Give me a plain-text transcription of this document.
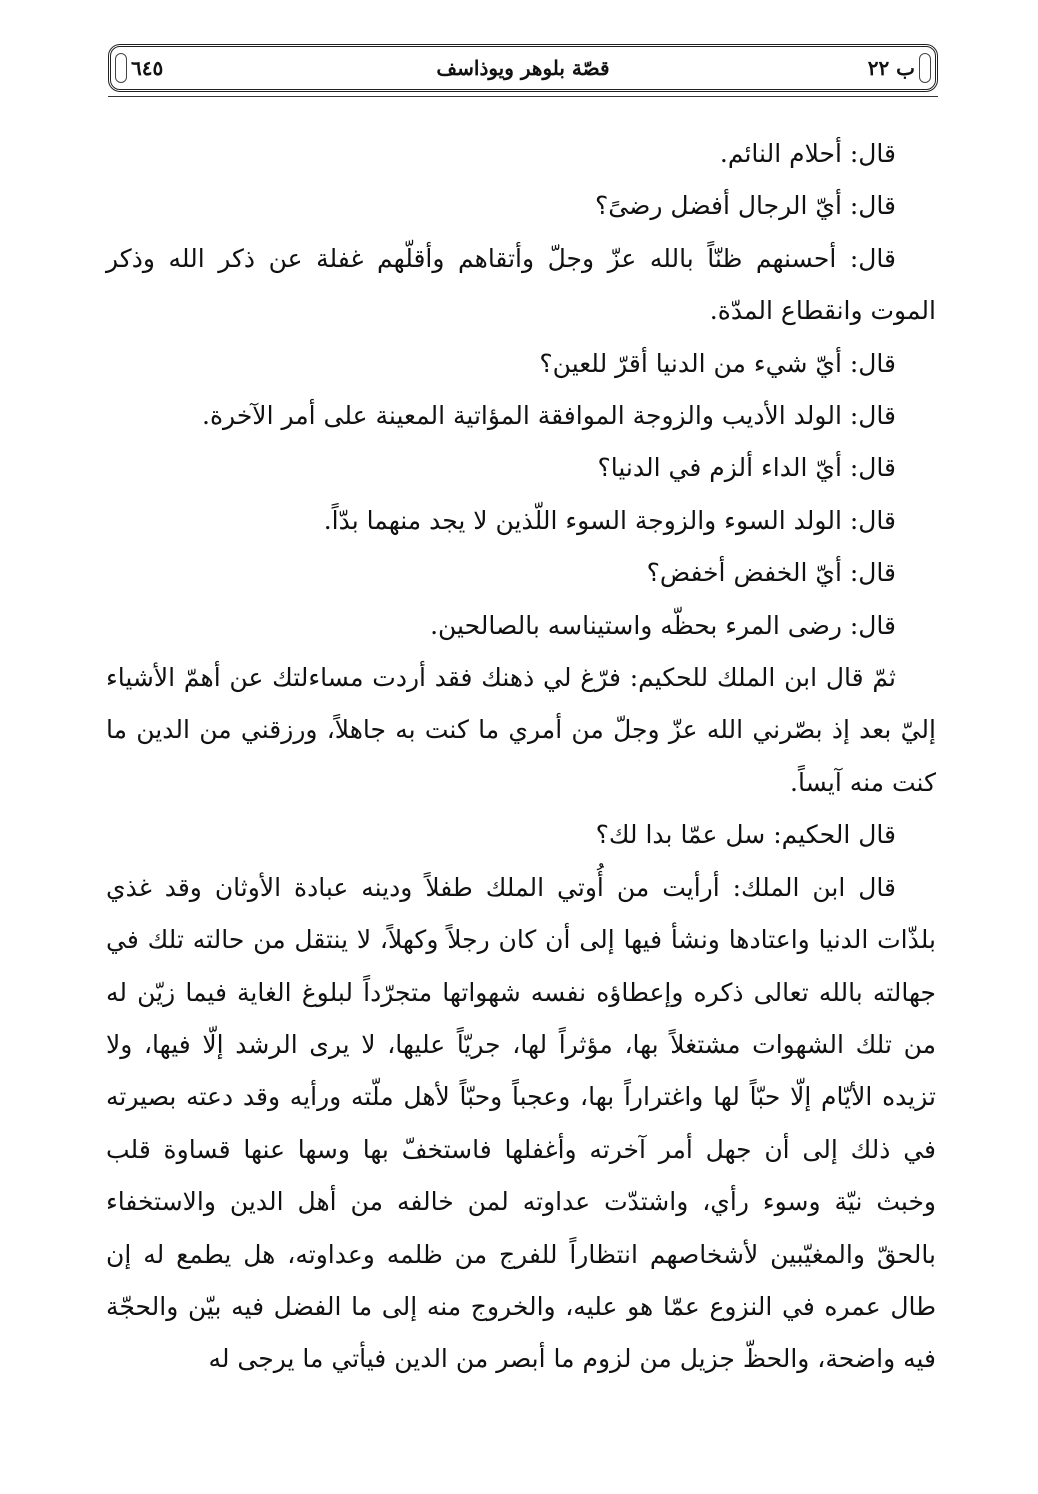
ب ٢٢
قصّة بلوهر ويوذاسف
٦٤٥

قال: أحلام النائم.

قال: أيّ الرجال أفضل رضىً؟

قال: أحسنهم ظنّاً بالله عزّ وجلّ وأتقاهم وأقلّهم غفلة عن ذكر الله وذكر الموت وانقطاع المدّة.

قال: أيّ شيء من الدنيا أقرّ للعين؟

قال: الولد الأديب والزوجة الموافقة المؤاتية المعينة على أمر الآخرة.

قال: أيّ الداء ألزم في الدنيا؟

قال: الولد السوء والزوجة السوء اللّذين لا يجد منهما بدّاً.

قال: أيّ الخفض أخفض؟

قال: رضى المرء بحظّه واستيناسه بالصالحين.

ثمّ قال ابن الملك للحكيم: فرّغ لي ذهنك فقد أردت مساءلتك عن أهمّ الأشياء إليّ بعد إذ بصّرني الله عزّ وجلّ من أمري ما كنت به جاهلاً، ورزقني من الدين ما كنت منه آيساً.

قال الحكيم: سل عمّا بدا لك؟

قال ابن الملك: أرأيت من أُوتي الملك طفلاً ودينه عبادة الأوثان وقد غذي بلذّات الدنيا واعتادها ونشأ فيها إلى أن كان رجلاً وكهلاً، لا ينتقل من حالته تلك في جهالته بالله تعالى ذكره وإعطاؤه نفسه شهواتها متجرّداً لبلوغ الغاية فيما زيّن له من تلك الشهوات مشتغلاً بها، مؤثراً لها، جريّاً عليها، لا يرى الرشد إلّا فيها، ولا تزيده الأيّام إلّا حبّاً لها واغتراراً بها، وعجباً وحبّاً لأهل ملّته ورأيه وقد دعته بصيرته في ذلك إلى أن جهل أمر آخرته وأغفلها فاستخفّ بها وسها عنها قساوة قلب وخبث نيّة وسوء رأي، واشتدّت عداوته لمن خالفه من أهل الدين والاستخفاء بالحقّ والمغيّبين لأشخاصهم انتظاراً للفرج من ظلمه وعداوته، هل يطمع له إن طال عمره في النزوع عمّا هو عليه، والخروج منه إلى ما الفضل فيه بيّن والحجّة فيه واضحة، والحظّ جزيل من لزوم ما أبصر من الدين فيأتي ما يرجى له
